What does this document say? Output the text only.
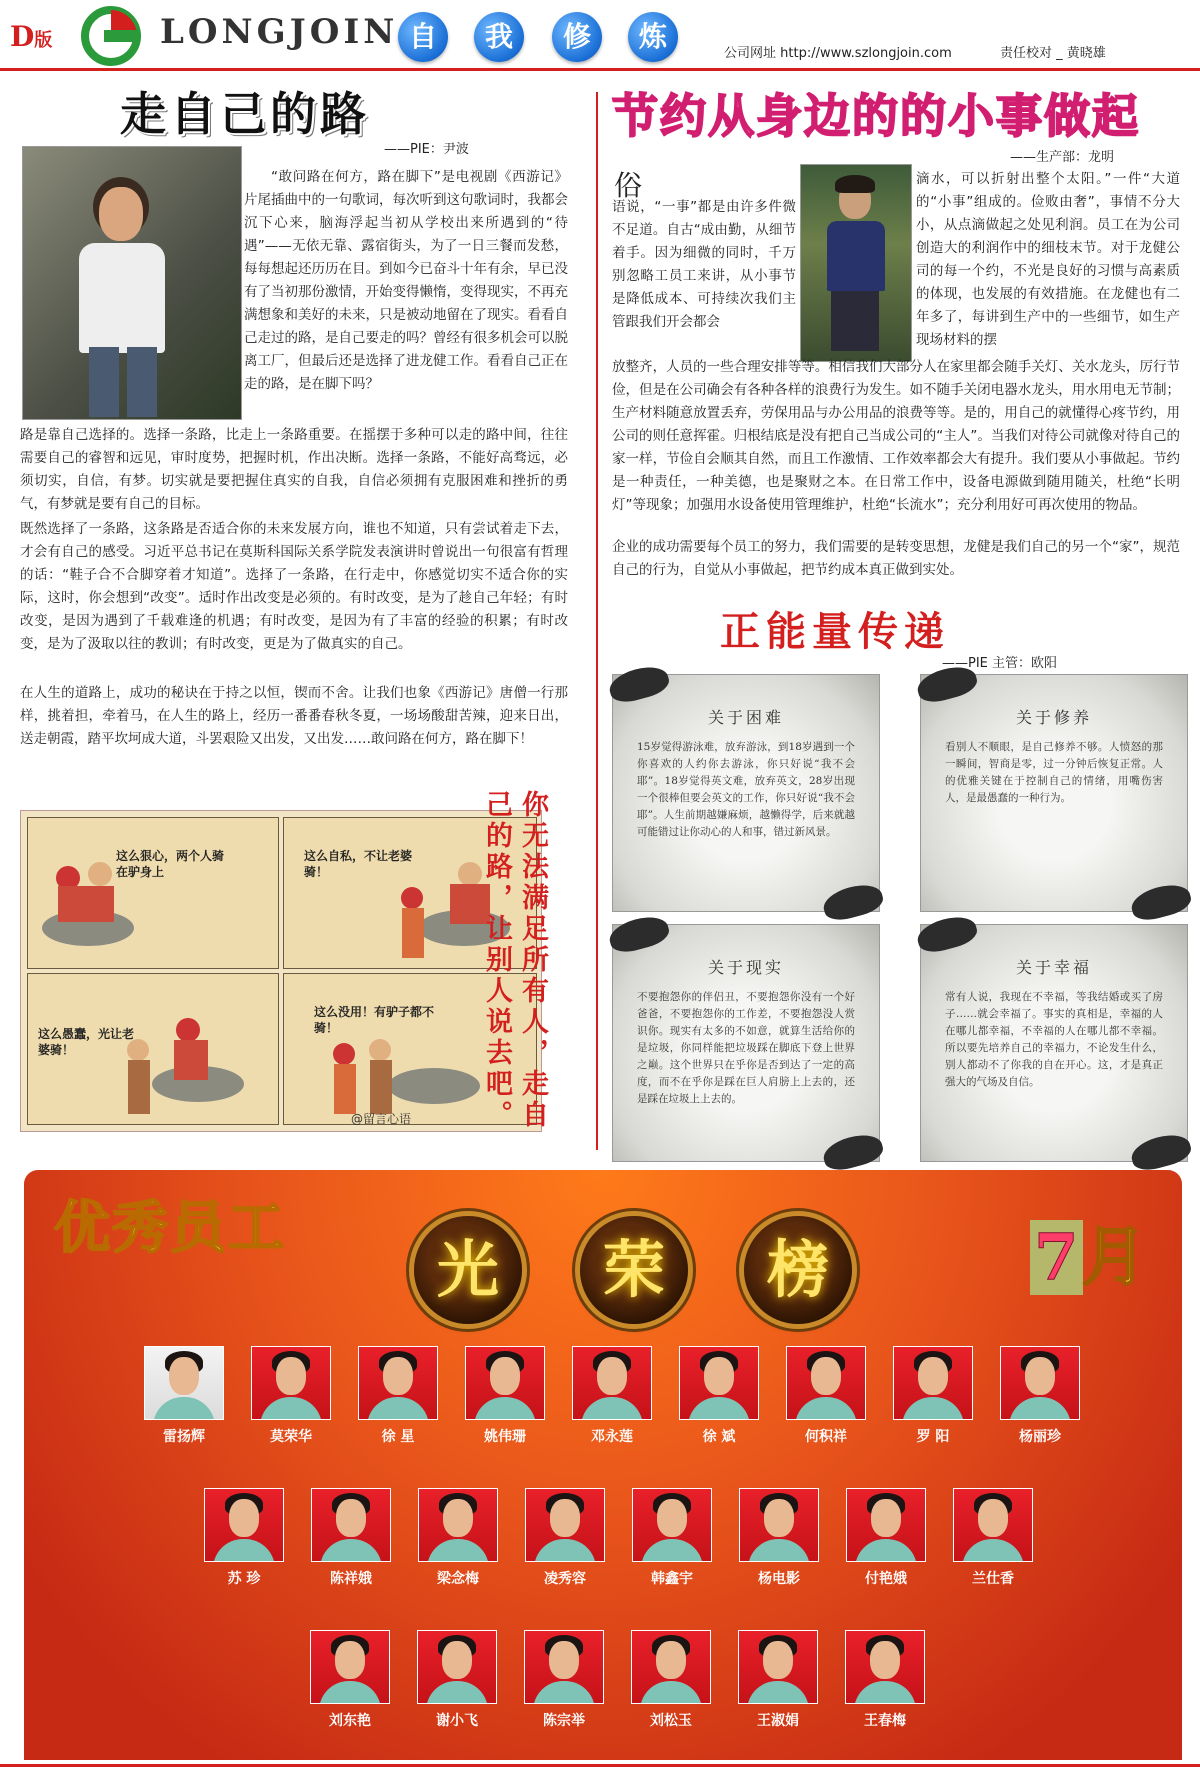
D版	LONGJOIN 自	我	修	炼
公司网址 http://www.szlongjoin.com	责任校对 _ 黄晓雄
走自己的路
——PIE：尹波
“敢问路在何方，路在脚下”是电视剧《西游记》片尾插曲中的一句歌词，每次听到这句歌词时，我都会沉下心来，脑海浮起当初从学校出来所遇到的“待遇”——无依无靠、露宿街头，为了一日三餐而发愁，每每想起还历历在目。到如今已奋斗十年有余，早已没有了当初那份激情，开始变得懒惰，变得现实，不再充满想象和美好的未来，只是被动地留在了现实。看看自己走过的路，是自己要走的吗？曾经有很多机会可以脱离工厂，但最后还是选择了进龙健工作。看看自己正在走的路，是在脚下吗？
路是靠自己选择的。选择一条路，比走上一条路重要。在摇摆于多种可以走的路中间，往往需要自己的睿智和远见，审时度势，把握时机，作出决断。选择一条路，不能好高骛远，必须切实，自信，有梦。切实就是要把握住真实的自我，自信必须拥有克服困难和挫折的勇气，有梦就是要有自己的目标。
既然选择了一条路，这条路是否适合你的未来发展方向，谁也不知道，只有尝试着走下去，才会有自己的感受。习近平总书记在莫斯科国际关系学院发表演讲时曾说出一句很富有哲理的话：“鞋子合不合脚穿着才知道”。选择了一条路，在行走中，你感觉切实不适合你的实际，这时，你会想到“改变”。适时作出改变是必须的。有时改变，是为了趁自己年轻；有时改变，是因为遇到了千载难逢的机遇；有时改变，是因为有了丰富的经验的积累；有时改变，是为了汲取以往的教训；有时改变，更是为了做真实的自己。
在人生的道路上，成功的秘诀在于持之以恒，锲而不舍。让我们也象《西游记》唐僧一行那样，挑着担，牵着马，在人生的路上，经历一番番春秋冬夏，一场场酸甜苦辣，迎来日出，送走朝霞，踏平坎坷成大道，斗罢艰险又出发，又出发……敢问路在何方，路在脚下！
这么狠心，两个人骑在驴身上
这么自私，不让老婆骑！
这么愚蠢，光让老婆骑！
这么没用！有驴子都不骑！
@留言心语	你无法满足所有人，走自己的路，让别人说去吧。
节约从身边的的小事做起
——生产部：龙明
俗
语说，“一事”都是由许多件微不足道。自古“成由勤，从细节着手。因为细微的同时，千万别忽略工员工来讲，从小事节是降低成本、可持续次我们主管跟我们开会都会
滴水，可以折射出整个太阳。”一件“大道的“小事”组成的。俭败由奢”，事情不分大小，从点滴做起之处见利润。员工在为公司创造大的利润作中的细枝末节。对于龙健公司的每一个约，不光是良好的习惯与高素质的体现，也发展的有效措施。在龙健也有二年多了，每讲到生产中的一些细节，如生产现场材料的摆
放整齐，人员的一些合理安排等等。相信我们大部分人在家里都会随手关灯、关水龙头，厉行节俭，但是在公司确会有各种各样的浪费行为发生。如不随手关闭电器水龙头，用水用电无节制；生产材料随意放置丢弃，劳保用品与办公用品的浪费等等。是的，用自己的就懂得心疼节约，用公司的则任意挥霍。归根结底是没有把自己当成公司的“主人”。当我们对待公司就像对待自己的家一样，节俭自会顺其自然，而且工作激情、工作效率都会大有提升。我们要从小事做起。节约是一种责任，一种美德，也是聚财之本。在日常工作中，设备电源做到随用随关，杜绝“长明灯”等现象；加强用水设备使用管理维护，杜绝“长流水”；充分利用好可再次使用的物品。
企业的成功需要每个员工的努力，我们需要的是转变思想，龙健是我们自己的另一个“家”，规范自己的行为，自觉从小事做起，把节约成本真正做到实处。
正能量传递
——PIE 主管：欧阳
关于困难
15岁觉得游泳难，放弃游泳，到18岁遇到一个你喜欢的人约你去游泳，你只好说“我不会耶”。18岁觉得英文难，放弃英文，28岁出现一个很棒但要会英文的工作，你只好说“我不会耶”。人生前期越嫌麻烦，越懒得学，后来就越可能错过让你动心的人和事，错过新风景。
关于修养
看别人不顺眼，是自己修养不够。人愤怒的那一瞬间，智商是零，过一分钟后恢复正常。人的优雅关键在于控制自己的情绪，用嘴伤害人，是最愚蠢的一种行为。
关于现实
不要抱怨你的伴侣丑，不要抱怨你没有一个好爸爸，不要抱怨你的工作差，不要抱怨没人赏识你。现实有太多的不如意，就算生活给你的是垃圾，你同样能把垃圾踩在脚底下登上世界之巅。这个世界只在乎你是否到达了一定的高度，而不在乎你是踩在巨人肩膀上上去的，还是踩在垃圾上上去的。
关于幸福
常有人说，我现在不幸福，等我结婚或买了房子……就会幸福了。事实的真相是，幸福的人在哪儿都幸福，不幸福的人在哪儿都不幸福。所以要先培养自己的幸福力，不论发生什么，别人都动不了你我的自在开心。这，才是真正强大的气场及自信。
优秀员工
光	荣	榜	7月
雷扬辉	莫荣华	徐 星	姚伟珊	邓永莲	徐 斌	何积祥	罗 阳	杨丽珍
苏 珍	陈祥娥	梁念梅	凌秀容	韩鑫宇	杨电影	付艳娥	兰仕香
刘东艳	谢小飞	陈宗举	刘松玉	王淑娟	王春梅
